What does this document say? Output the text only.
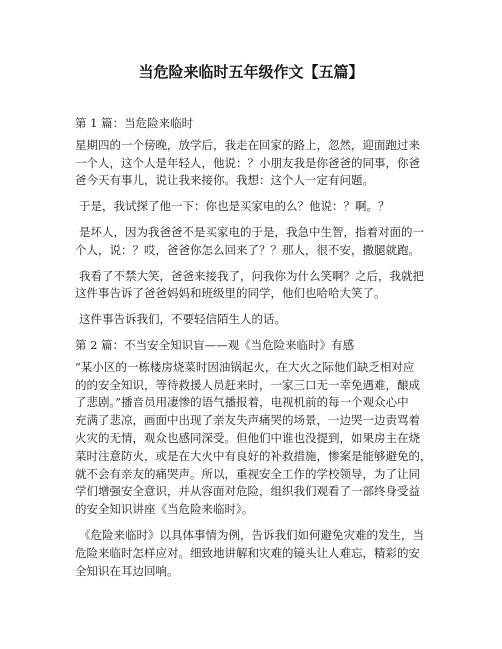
当危险来临时五年级作文【五篇】
第 1 篇：当危险来临时
星期四的一个傍晚，放学后，我走在回家的路上，忽然，迎面跑过来
一个人，这个人是年轻人，他说：？小朋友我是你爸爸的同事，你爸
爸今天有事儿，说让我来接你。我想：这个人一定有问题。
于是，我试探了他一下：你也是买家电的么？他说：？啊。？
是坏人，因为我爸爸不是买家电的于是，我急中生智，指着对面的一
个人，说：？哎，爸爸你怎么回来了？？那人，很不安，撒腿就跑。
我看了不禁大笑，爸爸来接我了，问我你为什么笑啊？之后，我就把
这件事告诉了爸爸妈妈和班级里的同学，他们也哈哈大笑了。
这件事告诉我们，不要轻信陌生人的话。
第 2 篇：不当安全知识盲——观《当危险来临时》有感
“某小区的一栋楼房烧菜时因油锅起火，在大火之际他们缺乏相对应
的的安全知识，等待救援人员赶来时，一家三口无一幸免遇难，酿成
了悲剧。”播音员用凄惨的语气播报着，电视机前的每一个观众心中
充满了悲凉，画面中出现了亲友失声痛哭的场景，一边哭一边责骂着
火灾的无情，观众也感同深受。但他们中谁也没提到，如果房主在烧
菜时注意防火，或是在大火中有良好的补救措施，惨案是能够避免的，
就不会有亲友的痛哭声。所以，重视安全工作的学校领导，为了让同
学们增强安全意识，并从容面对危险，组织我们观看了一部终身受益
的安全知识讲座《当危险来临时》。
《危险来临时》以具体事情为例，告诉我们如何避免灾难的发生，当
危险来临时怎样应对。细致地讲解和灾难的镜头让人难忘，精彩的安
全知识在耳边回响。
